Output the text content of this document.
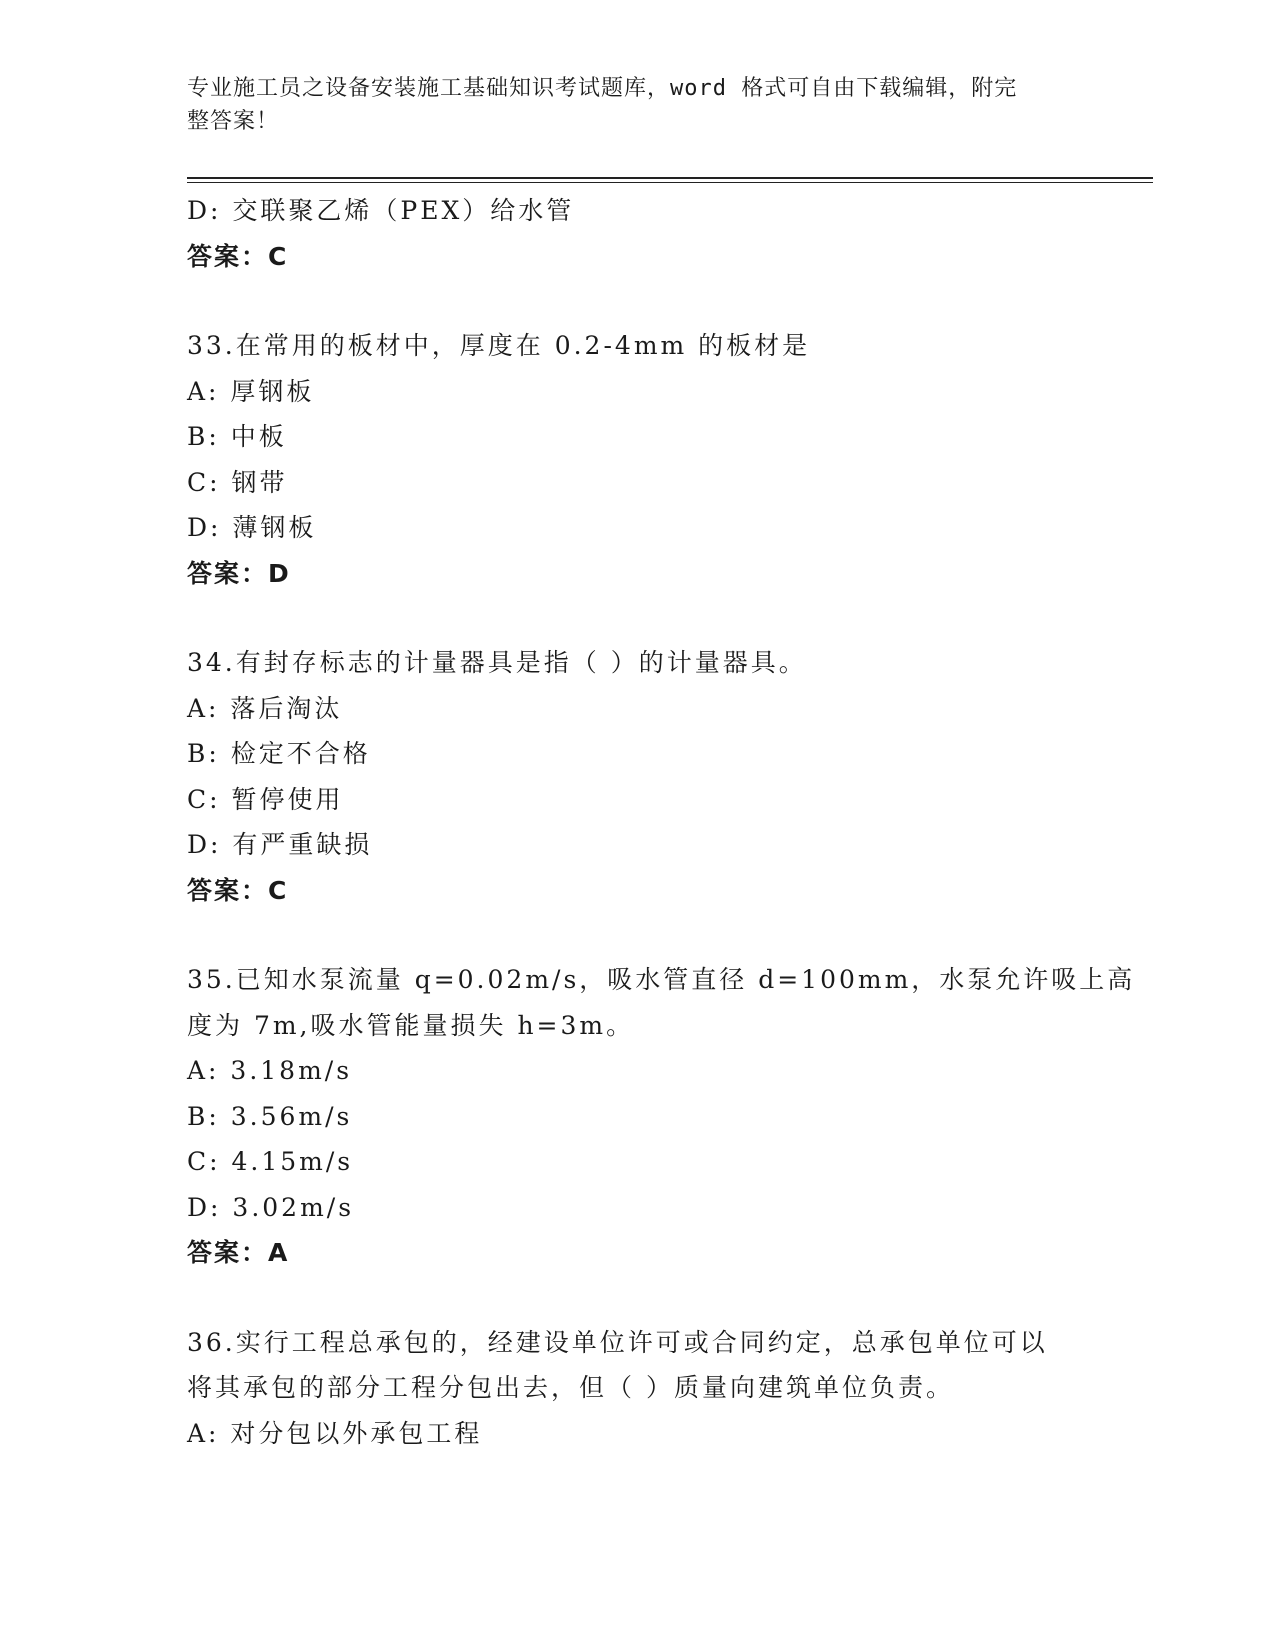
专业施工员之设备安装施工基础知识考试题库，word 格式可自由下载编辑，附完
整答案！

D: 交联聚乙烯（PEX）给水管
答案：C
33.在常用的板材中，厚度在 0.2-4mm 的板材是
A: 厚钢板
B: 中板
C: 钢带
D: 薄钢板
答案：D
34.有封存标志的计量器具是指（ ）的计量器具。
A: 落后淘汰
B: 检定不合格
C: 暂停使用
D: 有严重缺损
答案：C
35.已知水泵流量 q=0.02m/s，吸水管直径 d=100mm，水泵允许吸上高
度为 7m,吸水管能量损失 h=3m。
A: 3.18m/s
B: 3.56m/s
C: 4.15m/s
D: 3.02m/s
答案：A
36.实行工程总承包的，经建设单位许可或合同约定，总承包单位可以
将其承包的部分工程分包出去，但（ ）质量向建筑单位负责。
A: 对分包以外承包工程
